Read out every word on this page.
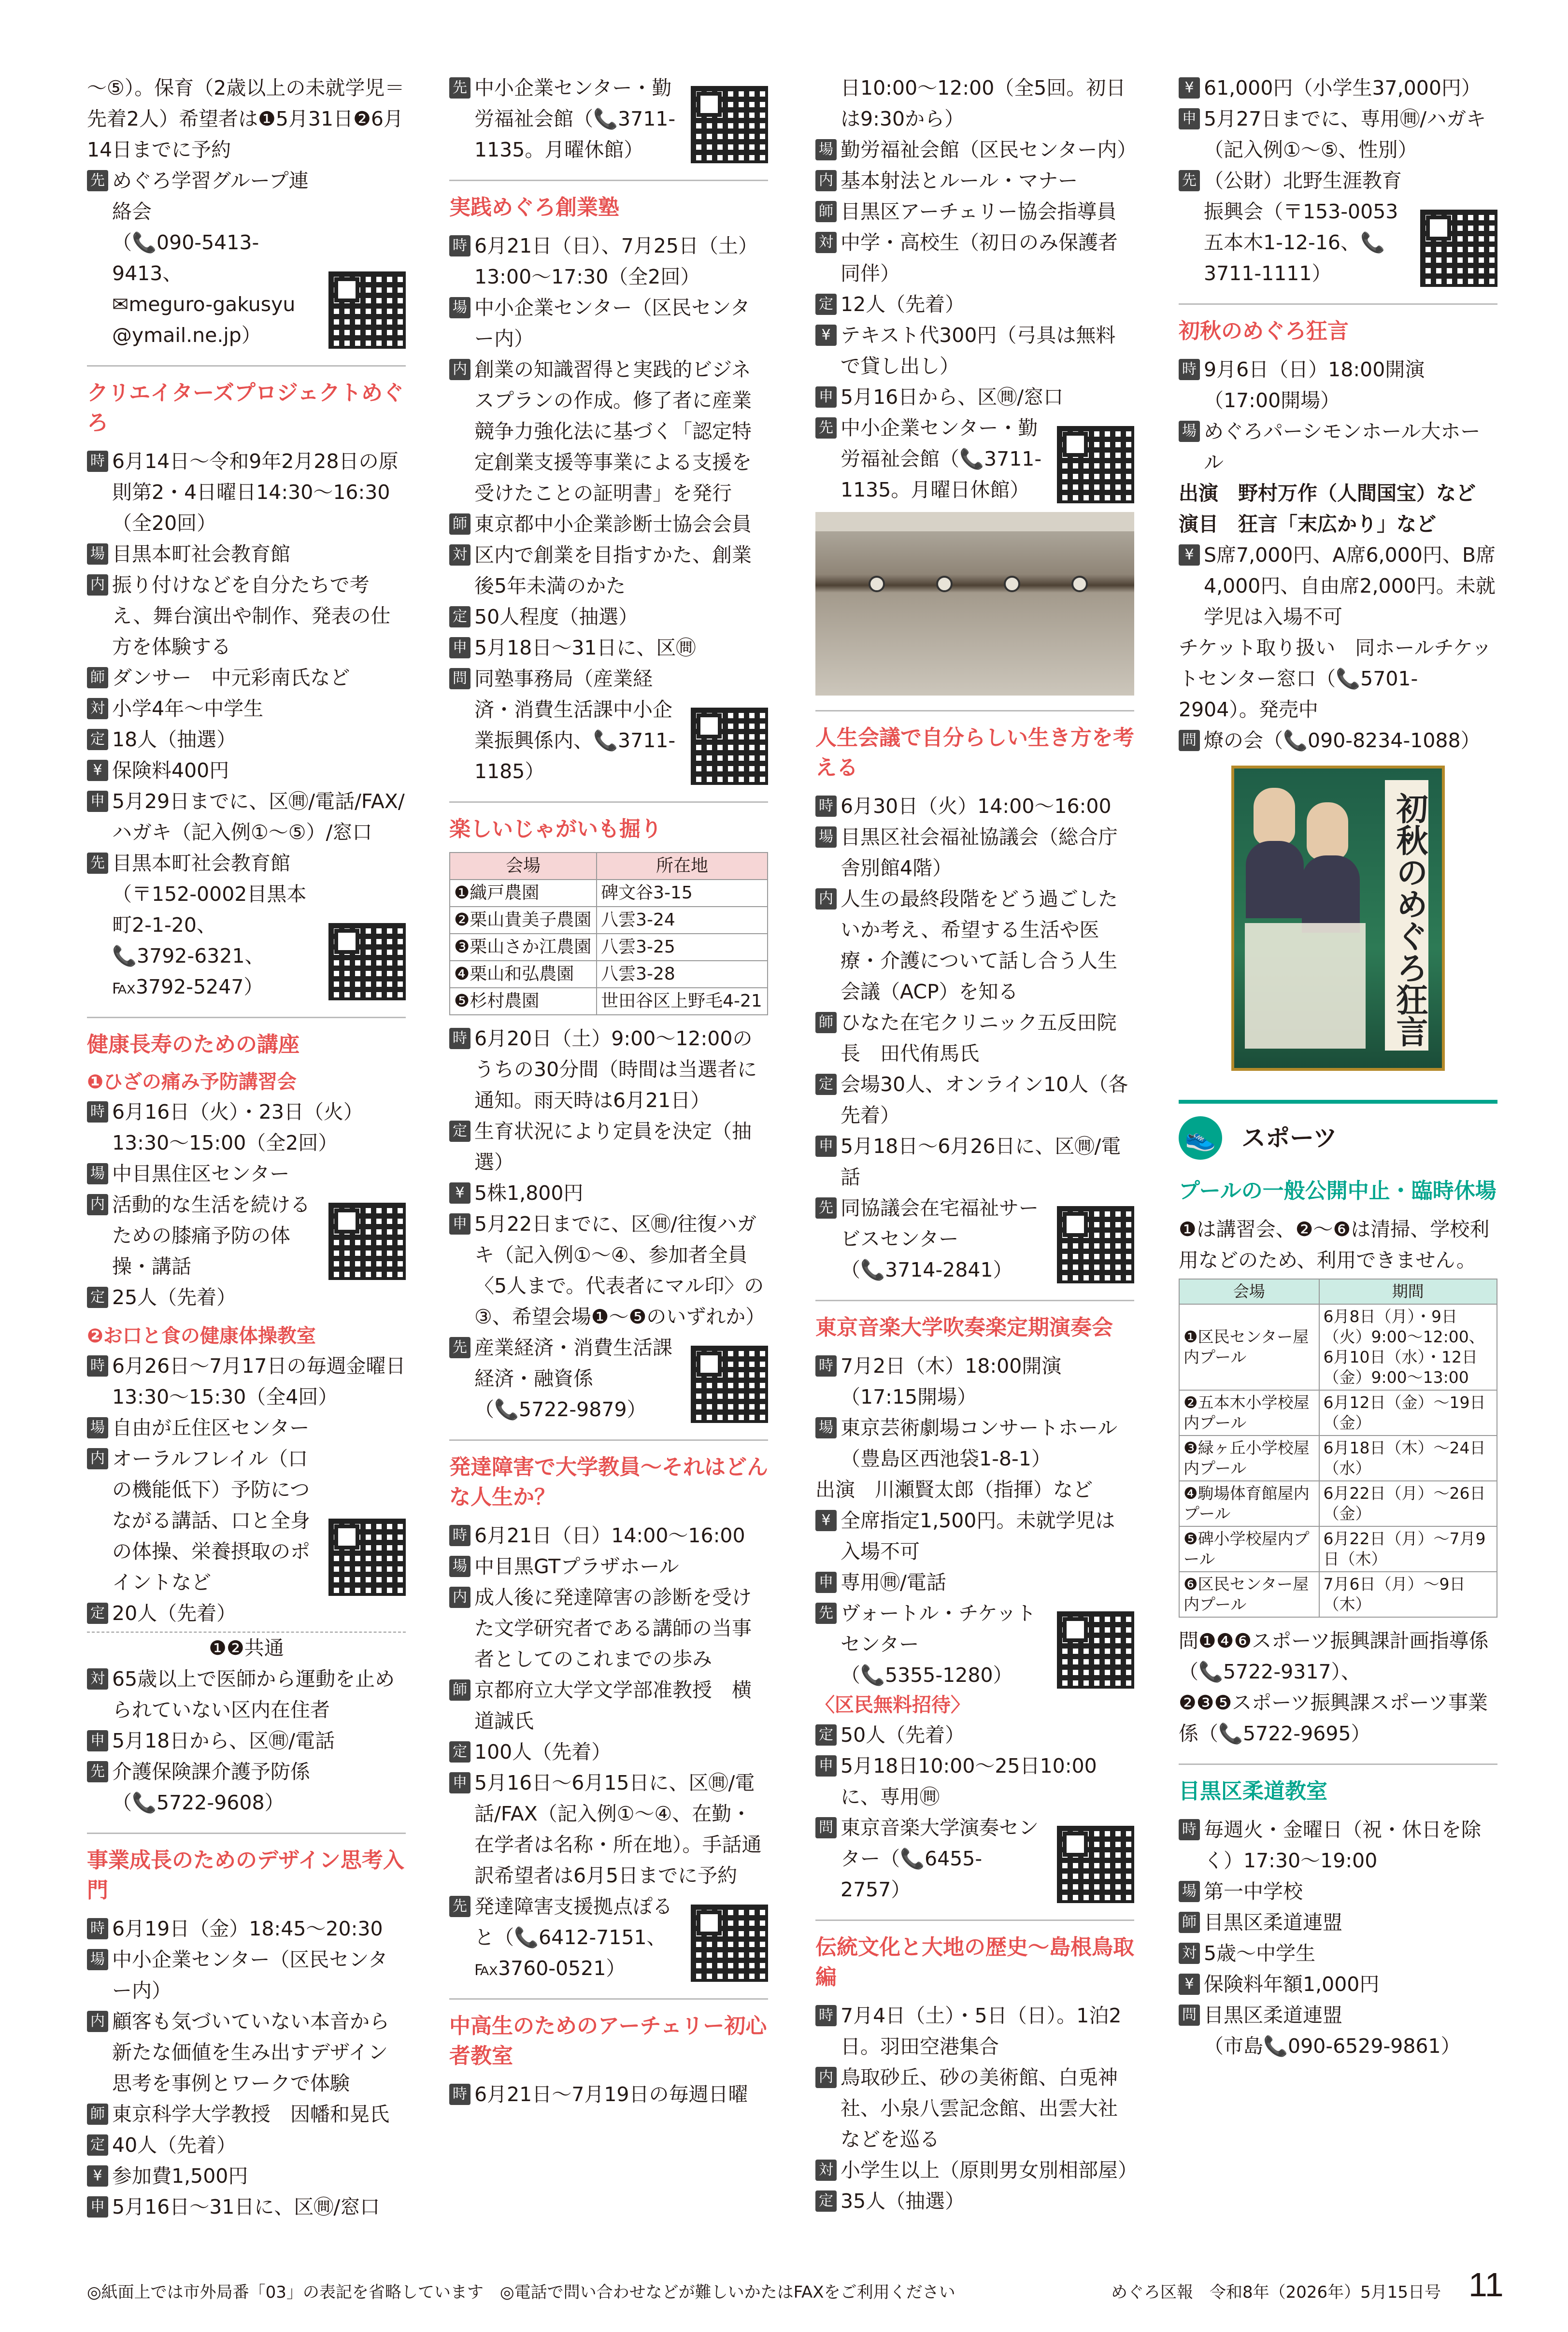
～⑤）。保育（2歳以上の未就学児＝先着2人）希望者は❶5月31日❷6月14日までに予約
先 めぐろ学習グループ連絡会
（📞090-5413-9413、
✉meguro-gakusyu
@ymail.ne.jp）
クリエイターズプロジェクトめぐろ
時 6月14日～令和9年2月28日の原則第2・4日曜日14:30～16:30（全20回）
場 目黒本町社会教育館
内 振り付けなどを自分たちで考え、舞台演出や制作、発表の仕方を体験する
師 ダンサー　中元彩南氏など
対 小学4年～中学生
定 18人（抽選）
¥ 保険料400円
申 5月29日までに、区㉄/電話/FAX/ハガキ（記入例①～⑤）/窓口
先 目黒本町社会教育館
（〒152-0002目黒本町2-1-20、
📞3792-6321、
℻3792-5247）
健康長寿のための講座
❶ひざの痛み予防講習会
時 6月16日（火）・23日（火）13:30～15:00（全2回）
場 中目黒住区センター
内 活動的な生活を続けるための膝痛予防の体操・講話
定 25人（先着）
❷お口と食の健康体操教室
時 6月26日～7月17日の毎週金曜日13:30～15:30（全4回）
場 自由が丘住区センター
内 オーラルフレイル（口の機能低下）予防につながる講話、口と全身の体操、栄養摂取のポイントなど
定 20人（先着）
❶❷共通
対 65歳以上で医師から運動を止められていない区内在住者
申 5月18日から、区㉄/電話
先 介護保険課介護予防係
（📞5722-9608）
事業成長のためのデザイン思考入門
時 6月19日（金）18:45～20:30
場 中小企業センター（区民センター内）
内 顧客も気づいていない本音から新たな価値を生み出すデザイン思考を事例とワークで体験
師 東京科学大学教授　因幡和晃氏
定 40人（先着）
¥ 参加費1,500円
申 5月16日～31日に、区㉄/窓口
先 中小企業センター・勤労福祉会館（📞3711-1135。月曜休館）
実践めぐろ創業塾
時 6月21日（日）、7月25日（土）13:00～17:30（全2回）
場 中小企業センター（区民センター内）
内 創業の知識習得と実践的ビジネスプランの作成。修了者に産業競争力強化法に基づく「認定特定創業支援等事業による支援を受けたことの証明書」を発行
師 東京都中小企業診断士協会会員
対 区内で創業を目指すかた、創業後5年未満のかた
定 50人程度（抽選）
申 5月18日～31日に、区㉄
問 同塾事務局（産業経済・消費生活課中小企業振興係内、📞3711-1185）
楽しいじゃがいも掘り
会場	所在地
❶織戸農園	碑文谷3-15
❷栗山貴美子農園	八雲3-24
❸栗山さか江農園	八雲3-25
❹栗山和弘農園	八雲3-28
❺杉村農園	世田谷区上野毛4-21
時 6月20日（土）9:00～12:00のうちの30分間（時間は当選者に通知。雨天時は6月21日）
定 生育状況により定員を決定（抽選）
¥ 5株1,800円
申 5月22日までに、区㉄/往復ハガキ（記入例①～④、参加者全員〈5人まで。代表者にマル印〉の③、希望会場❶～❺のいずれか）
先 産業経済・消費生活課経済・融資係
（📞5722-9879）
発達障害で大学教員～それはどんな人生か？
時 6月21日（日）14:00～16:00
場 中目黒GTプラザホール
内 成人後に発達障害の診断を受けた文学研究者である講師の当事者としてのこれまでの歩み
師 京都府立大学文学部准教授　横道誠氏
定 100人（先着）
申 5月16日～6月15日に、区㉄/電話/FAX（記入例①～④、在勤・在学者は名称・所在地）。手話通訳希望者は6月5日までに予約
先 発達障害支援拠点ぽると（📞6412-7151、
℻3760-0521）
中高生のためのアーチェリー初心者教室
時 6月21日～7月19日の毎週日曜
日10:00～12:00（全5回。初日は9:30から）
場 勤労福祉会館（区民センター内）
内 基本射法とルール・マナー
師 目黒区アーチェリー協会指導員
対 中学・高校生（初日のみ保護者同伴）
定 12人（先着）
¥ テキスト代300円（弓具は無料で貸し出し）
申 5月16日から、区㉄/窓口
先 中小企業センター・勤労福祉会館（📞3711-1135。月曜日休館）
人生会議で自分らしい生き方を考える
時 6月30日（火）14:00～16:00
場 目黒区社会福祉協議会（総合庁舎別館4階）
内 人生の最終段階をどう過ごしたいか考え、希望する生活や医療・介護について話し合う人生会議（ACP）を知る
師 ひなた在宅クリニック五反田院長　田代侑馬氏
定 会場30人、オンライン10人（各先着）
申 5月18日～6月26日に、区㉄/電話
先 同協議会在宅福祉サービスセンター
（📞3714-2841）
東京音楽大学吹奏楽定期演奏会
時 7月2日（木）18:00開演（17:15開場）
場 東京芸術劇場コンサートホール（豊島区西池袋1-8-1）
出演　川瀬賢太郎（指揮）など
¥ 全席指定1,500円。未就学児は入場不可
申 専用㉄/電話
先 ヴォートル・チケットセンター
（📞5355-1280）
〈区民無料招待〉
定 50人（先着）
申 5月18日10:00～25日10:00に、専用㉄
問 東京音楽大学演奏センター（📞6455-2757）
伝統文化と大地の歴史～島根鳥取編
時 7月4日（土）・5日（日）。1泊2日。羽田空港集合
内 鳥取砂丘、砂の美術館、白兎神社、小泉八雲記念館、出雲大社などを巡る
対 小学生以上（原則男女別相部屋）
定 35人（抽選）
¥ 61,000円（小学生37,000円）
申 5月27日までに、専用㉄/ハガキ（記入例①～⑤、性別）
先 （公財）北野生涯教育振興会（〒153-0053五本木1-12-16、📞3711-1111）
初秋のめぐろ狂言
時 9月6日（日）18:00開演（17:00開場）
場 めぐろパーシモンホール大ホール
出演　野村万作（人間国宝）など
演目　狂言「末広かり」など
¥ S席7,000円、A席6,000円、B席4,000円、自由席2,000円。未就学児は入場不可
チケット取り扱い　同ホールチケットセンター窓口（📞5701-2904）。発売中
問 燎の会（📞090-8234-1088）
初秋のめぐろ狂言
👟 スポーツ
プールの一般公開中止・臨時休場
❶は講習会、❷～❻は清掃、学校利用などのため、利用できません。
会場	期間
❶区民センター屋内プール	6月8日（月）・9日（火）9:00～12:00、6月10日（水）・12日（金）9:00～13:00
❷五本木小学校屋内プール	6月12日（金）～19日（金）
❸緑ヶ丘小学校屋内プール	6月18日（木）～24日（水）
❹駒場体育館屋内プール	6月22日（月）～26日（金）
❺碑小学校屋内プール	6月22日（月）～7月9日（木）
❻区民センター屋内プール	7月6日（月）～9日（木）
問❶❹❻スポーツ振興課計画指導係（📞5722-9317）、
❷❸❺スポーツ振興課スポーツ事業係（📞5722-9695）
目黒区柔道教室
時 毎週火・金曜日（祝・休日を除く）17:30～19:00
場 第一中学校
師 目黒区柔道連盟
対 5歳～中学生
¥ 保険料年額1,000円
問 目黒区柔道連盟
（市島📞090-6529-9861）
◎紙面上では市外局番「03」の表記を省略しています　◎電話で問い合わせなどが難しいかたはFAXをご利用ください	めぐろ区報　令和8年（2026年）5月15日号 11
